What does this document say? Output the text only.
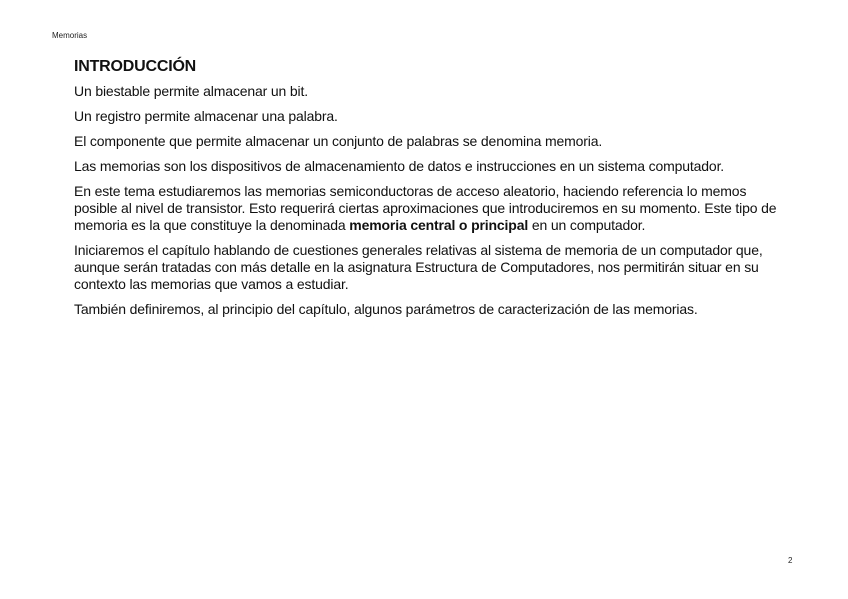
Memorias
INTRODUCCIÓN

Un biestable permite almacenar un bit.

Un registro permite almacenar una palabra.

El componente que permite almacenar un conjunto de palabras se denomina memoria.

Las memorias son los dispositivos de almacenamiento de datos e instrucciones en un sistema computador.

En este tema estudiaremos las memorias semiconductoras de acceso aleatorio, haciendo referencia lo memos posible al nivel de transistor. Esto requerirá ciertas aproximaciones que introduciremos en su momento. Este tipo de memoria es la que constituye la denominada memoria central o principal en un computador.

Iniciaremos el capítulo hablando de cuestiones generales relativas al sistema de memoria de un computador que, aunque serán tratadas con más detalle en la asignatura Estructura de Computadores, nos permitirán situar en su contexto las memorias que vamos a estudiar.

También definiremos, al principio del capítulo, algunos parámetros de caracterización de las memorias.

2
